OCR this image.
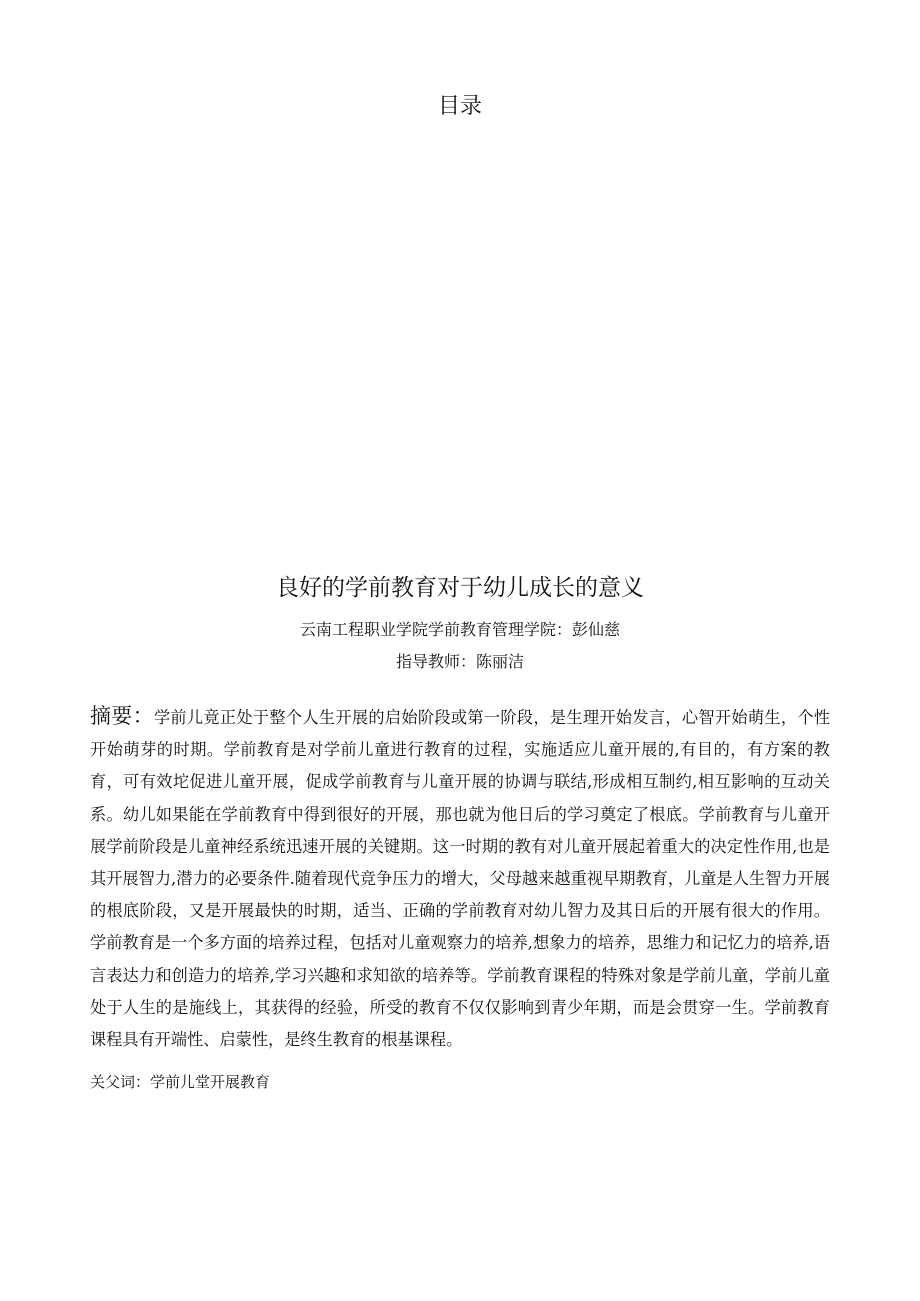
目录
良好的学前教育对于幼儿成长的意义

云南工程职业学院学前教育管理学院：彭仙慈

指导教师：陈丽洁

摘要：学前儿竟正处于整个人生开展的启始阶段或第一阶段，是生理开始发言，心智开始萌生，个性开始萌芽的时期。学前教育是对学前儿童进行教育的过程，实施适应儿童开展的,有目的，有方案的教育，可有效坨促进儿童开展，促成学前教育与儿童开展的协调与联结,形成相互制约,相互影响的互动关系。幼儿如果能在学前教育中得到很好的开展，那也就为他日后的学习奠定了根底。学前教育与儿童开展学前阶段是儿童神经系统迅速开展的关键期。这一时期的教有对儿童开展起着重大的决定性作用,也是其开展智力,潜力的必要条件.随着现代竞争压力的增大，父母越来越重视早期教育，儿童是人生智力开展的根底阶段，又是开展最快的时期，适当、正确的学前教育对幼儿智力及其日后的开展有很大的作用。学前教育是一个多方面的培养过程，包括对儿童观察力的培养,想象力的培养，思维力和记忆力的培养,语言表达力和创造力的培养,学习兴趣和求知欲的培养等。学前教育课程的特殊对象是学前儿童，学前儿童处于人生的是施线上，其获得的经验，所受的教育不仅仅影响到青少年期，而是会贯穿一生。学前教育课程具有开端性、启蒙性，是终生教育的根基课程。

关父词：学前儿堂开展教育
